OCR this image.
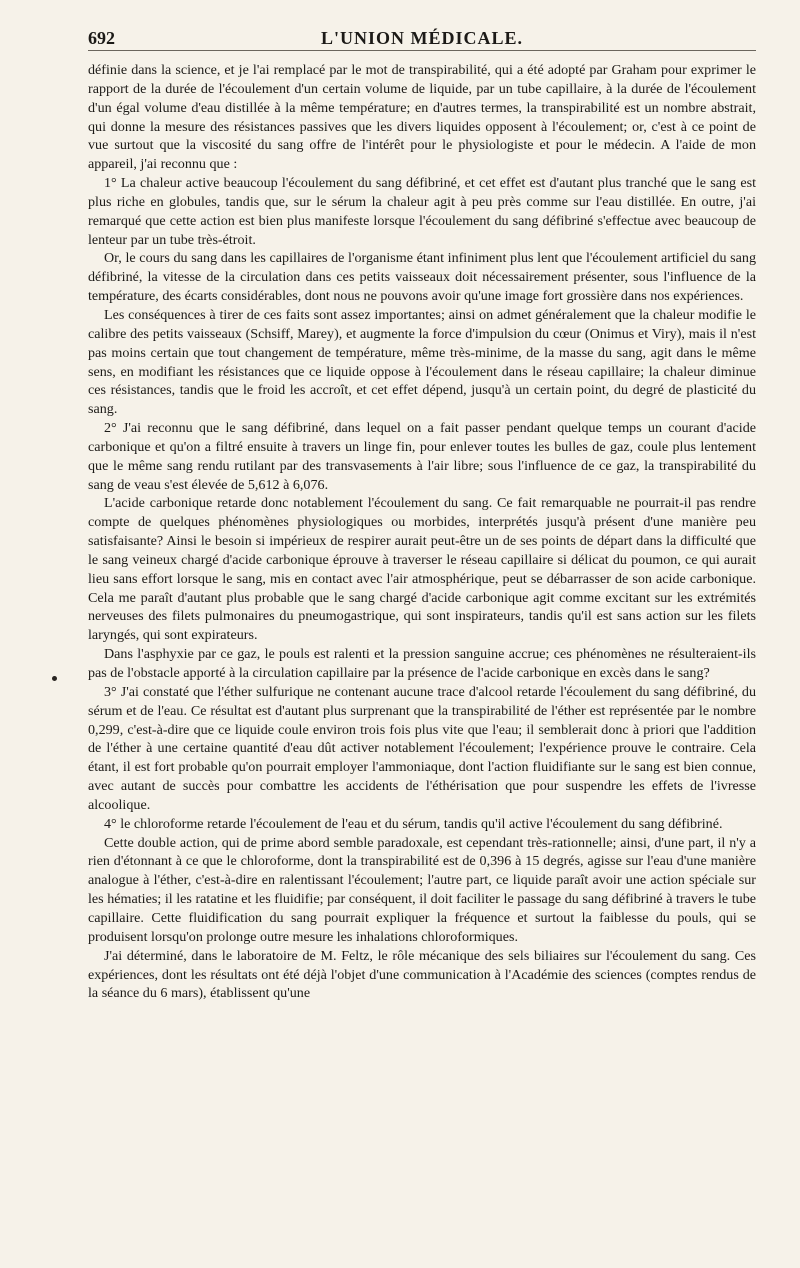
692	L'UNION MÉDICALE.

définie dans la science, et je l'ai remplacé par le mot de transpirabilité, qui a été adopté par Graham pour exprimer le rapport de la durée de l'écoulement d'un certain volume de liquide, par un tube capillaire, à la durée de l'écoulement d'un égal volume d'eau distillée à la même température; en d'autres termes, la transpirabilité est un nombre abstrait, qui donne la mesure des résistances passives que les divers liquides opposent à l'écoulement; or, c'est à ce point de vue surtout que la viscosité du sang offre de l'intérêt pour le physiologiste et pour le médecin. A l'aide de mon appareil, j'ai reconnu que :

1° La chaleur active beaucoup l'écoulement du sang défibriné, et cet effet est d'autant plus tranché que le sang est plus riche en globules, tandis que, sur le sérum la chaleur agit à peu près comme sur l'eau distillée. En outre, j'ai remarqué que cette action est bien plus manifeste lorsque l'écoulement du sang défibriné s'effectue avec beaucoup de lenteur par un tube très-étroit.

Or, le cours du sang dans les capillaires de l'organisme étant infiniment plus lent que l'écoulement artificiel du sang défibriné, la vitesse de la circulation dans ces petits vaisseaux doit nécessairement présenter, sous l'influence de la température, des écarts considérables, dont nous ne pouvons avoir qu'une image fort grossière dans nos expériences.

Les conséquences à tirer de ces faits sont assez importantes; ainsi on admet généralement que la chaleur modifie le calibre des petits vaisseaux (Schsiff, Marey), et augmente la force d'impulsion du cœur (Onimus et Viry), mais il n'est pas moins certain que tout changement de température, même très-minime, de la masse du sang, agit dans le même sens, en modifiant les résistances que ce liquide oppose à l'écoulement dans le réseau capillaire; la chaleur diminue ces résistances, tandis que le froid les accroît, et cet effet dépend, jusqu'à un certain point, du degré de plasticité du sang.

2° J'ai reconnu que le sang défibriné, dans lequel on a fait passer pendant quelque temps un courant d'acide carbonique et qu'on a filtré ensuite à travers un linge fin, pour enlever toutes les bulles de gaz, coule plus lentement que le même sang rendu rutilant par des transvasements à l'air libre; sous l'influence de ce gaz, la transpirabilité du sang de veau s'est élevée de 5,612 à 6,076.

L'acide carbonique retarde donc notablement l'écoulement du sang. Ce fait remarquable ne pourrait-il pas rendre compte de quelques phénomènes physiologiques ou morbides, interprétés jusqu'à présent d'une manière peu satisfaisante? Ainsi le besoin si impérieux de respirer aurait peut-être un de ses points de départ dans la difficulté que le sang veineux chargé d'acide carbonique éprouve à traverser le réseau capillaire si délicat du poumon, ce qui aurait lieu sans effort lorsque le sang, mis en contact avec l'air atmosphérique, peut se débarrasser de son acide carbonique. Cela me paraît d'autant plus probable que le sang chargé d'acide carbonique agit comme excitant sur les extrémités nerveuses des filets pulmonaires du pneumogastrique, qui sont inspirateurs, tandis qu'il est sans action sur les filets laryngés, qui sont expirateurs.

Dans l'asphyxie par ce gaz, le pouls est ralenti et la pression sanguine accrue; ces phénomènes ne résulteraient-ils pas de l'obstacle apporté à la circulation capillaire par la présence de l'acide carbonique en excès dans le sang?

3° J'ai constaté que l'éther sulfurique ne contenant aucune trace d'alcool retarde l'écoulement du sang défibriné, du sérum et de l'eau. Ce résultat est d'autant plus surprenant que la transpirabilité de l'éther est représentée par le nombre 0,299, c'est-à-dire que ce liquide coule environ trois fois plus vite que l'eau; il semblerait donc à priori que l'addition de l'éther à une certaine quantité d'eau dût activer notablement l'écoulement; l'expérience prouve le contraire. Cela étant, il est fort probable qu'on pourrait employer l'ammoniaque, dont l'action fluidifiante sur le sang est bien connue, avec autant de succès pour combattre les accidents de l'éthérisation que pour suspendre les effets de l'ivresse alcoolique.

4° le chloroforme retarde l'écoulement de l'eau et du sérum, tandis qu'il active l'écoulement du sang défibriné.

Cette double action, qui de prime abord semble paradoxale, est cependant très-rationnelle; ainsi, d'une part, il n'y a rien d'étonnant à ce que le chloroforme, dont la transpirabilité est de 0,396 à 15 degrés, agisse sur l'eau d'une manière analogue à l'éther, c'est-à-dire en ralentissant l'écoulement; l'autre part, ce liquide paraît avoir une action spéciale sur les hématies; il les ratatine et les fluidifie; par conséquent, il doit faciliter le passage du sang défibriné à travers le tube capillaire. Cette fluidification du sang pourrait expliquer la fréquence et surtout la faiblesse du pouls, qui se produisent lorsqu'on prolonge outre mesure les inhalations chloroformiques.

J'ai déterminé, dans le laboratoire de M. Feltz, le rôle mécanique des sels biliaires sur l'écoulement du sang. Ces expériences, dont les résultats ont été déjà l'objet d'une communication à l'Académie des sciences (comptes rendus de la séance du 6 mars), établissent qu'une
